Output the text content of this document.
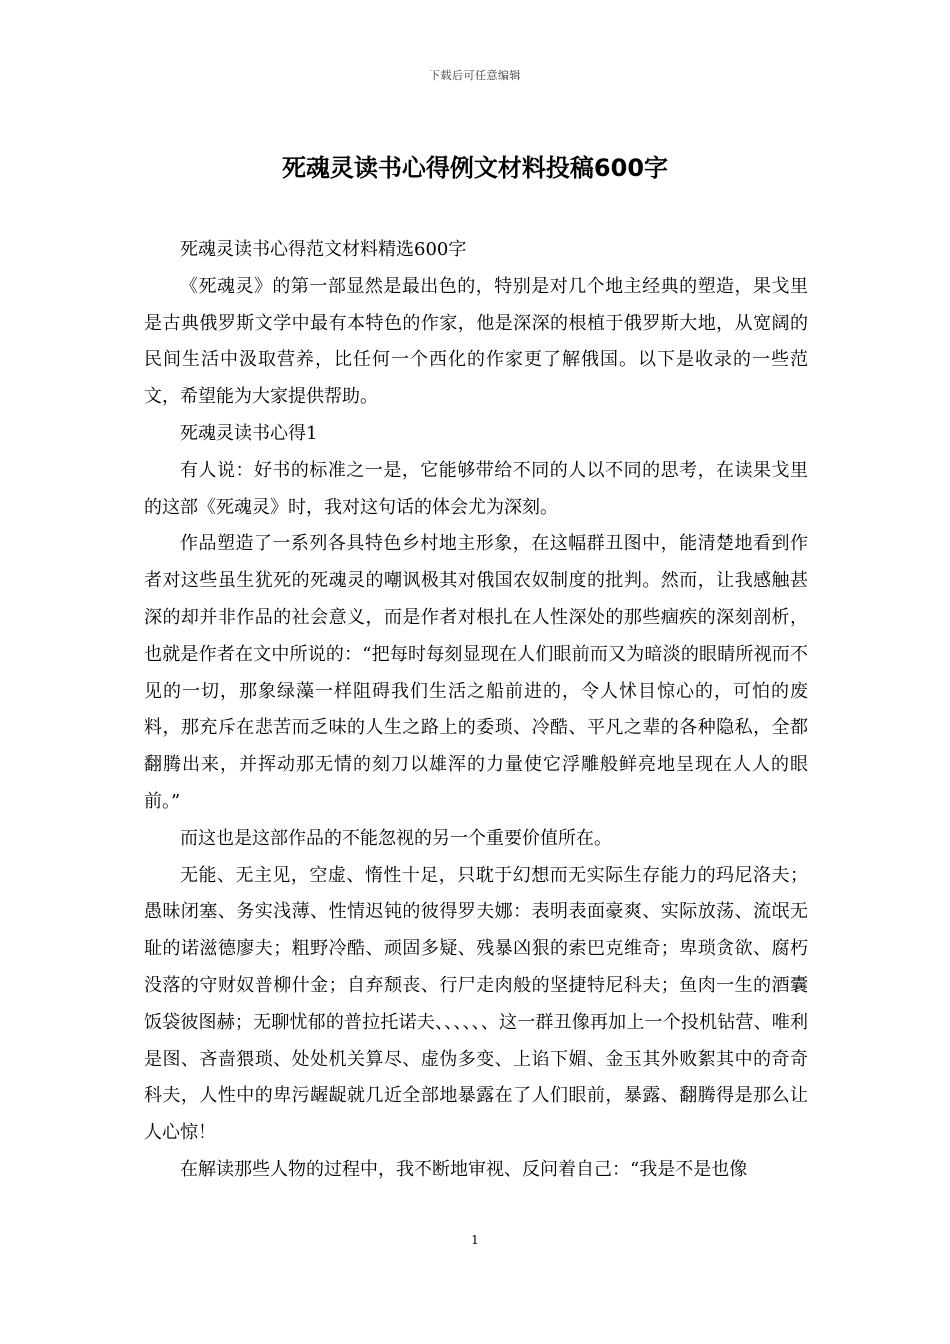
下载后可任意编辑
死魂灵读书心得例文材料投稿600字

死魂灵读书心得范文材料精选600字

《死魂灵》的第一部显然是最出色的，特别是对几个地主经典的塑造，果戈里是古典俄罗斯文学中最有本特色的作家，他是深深的根植于俄罗斯大地，从宽阔的民间生活中汲取营养，比任何一个西化的作家更了解俄国。以下是收录的一些范文，希望能为大家提供帮助。

死魂灵读书心得1

有人说：好书的标准之一是，它能够带给不同的人以不同的思考，在读果戈里的这部《死魂灵》时，我对这句话的体会尤为深刻。

作品塑造了一系列各具特色乡村地主形象，在这幅群丑图中，能清楚地看到作者对这些虽生犹死的死魂灵的嘲讽极其对俄国农奴制度的批判。然而，让我感触甚深的却并非作品的社会意义，而是作者对根扎在人性深处的那些痼疾的深刻剖析，也就是作者在文中所说的：“把每时每刻显现在人们眼前而又为暗淡的眼睛所视而不见的一切，那象绿藻一样阻碍我们生活之船前进的，令人怵目惊心的，可怕的废料，那充斥在悲苦而乏味的人生之路上的委琐、冷酷、平凡之辈的各种隐私，全都翻腾出来，并挥动那无情的刻刀以雄浑的力量使它浮雕般鲜亮地呈现在人人的眼前。”

而这也是这部作品的不能忽视的另一个重要价值所在。

无能、无主见，空虚、惰性十足，只耽于幻想而无实际生存能力的玛尼洛夫；愚昧闭塞、务实浅薄、性情迟钝的彼得罗夫娜：表明表面豪爽、实际放荡、流氓无耻的诺滋德廖夫；粗野冷酷、顽固多疑、残暴凶狠的索巴克维奇；卑琐贪欲、腐朽没落的守财奴普柳什金；自弃颓丧、行尸走肉般的坚捷特尼科夫；鱼肉一生的酒囊饭袋彼图赫；无聊忧郁的普拉托诺夫、、、、、、这一群丑像再加上一个投机钻营、唯利是图、吝啬猥琐、处处机关算尽、虚伪多变、上谄下媚、金玉其外败絮其中的奇奇科夫，人性中的卑污龌龊就几近全部地暴露在了人们眼前，暴露、翻腾得是那么让人心惊！

在解读那些人物的过程中，我不断地审视、反问着自己：“我是不是也像

1
